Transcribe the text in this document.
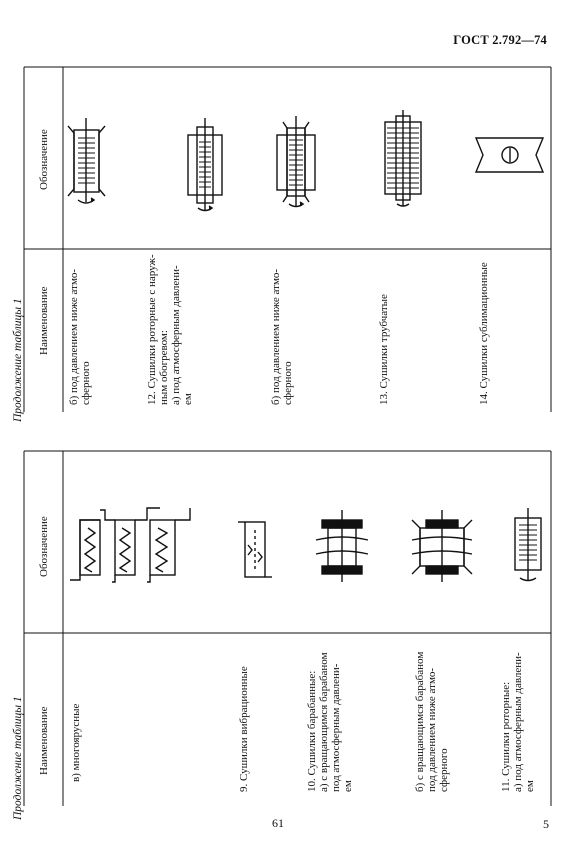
ГОСТ 2.792—74
Продолжение таблицы 1 Наименование
Обозначение
б) под давлением ниже атмо- сферного	12. Сушилки роторные с наруж- ным обогревом: а) под атмосферным давлени- ем	б) под давлением ниже атмо- сферного	13. Сушилки трубчатые	14. Сушилки сублимационные
Продолжение таблицы 1 Наименование
Обозначение
в) многоярусные	9. Сушилки вибрационные	10. Сушилки барабанные: а) с вращающимся барабаном под атмосферным давлени- ем	б) с вращающимся барабаном под давлением ниже атмо- сферного	11. Сушилки роторные: а) под атмосферным давлени- ем
61	5
